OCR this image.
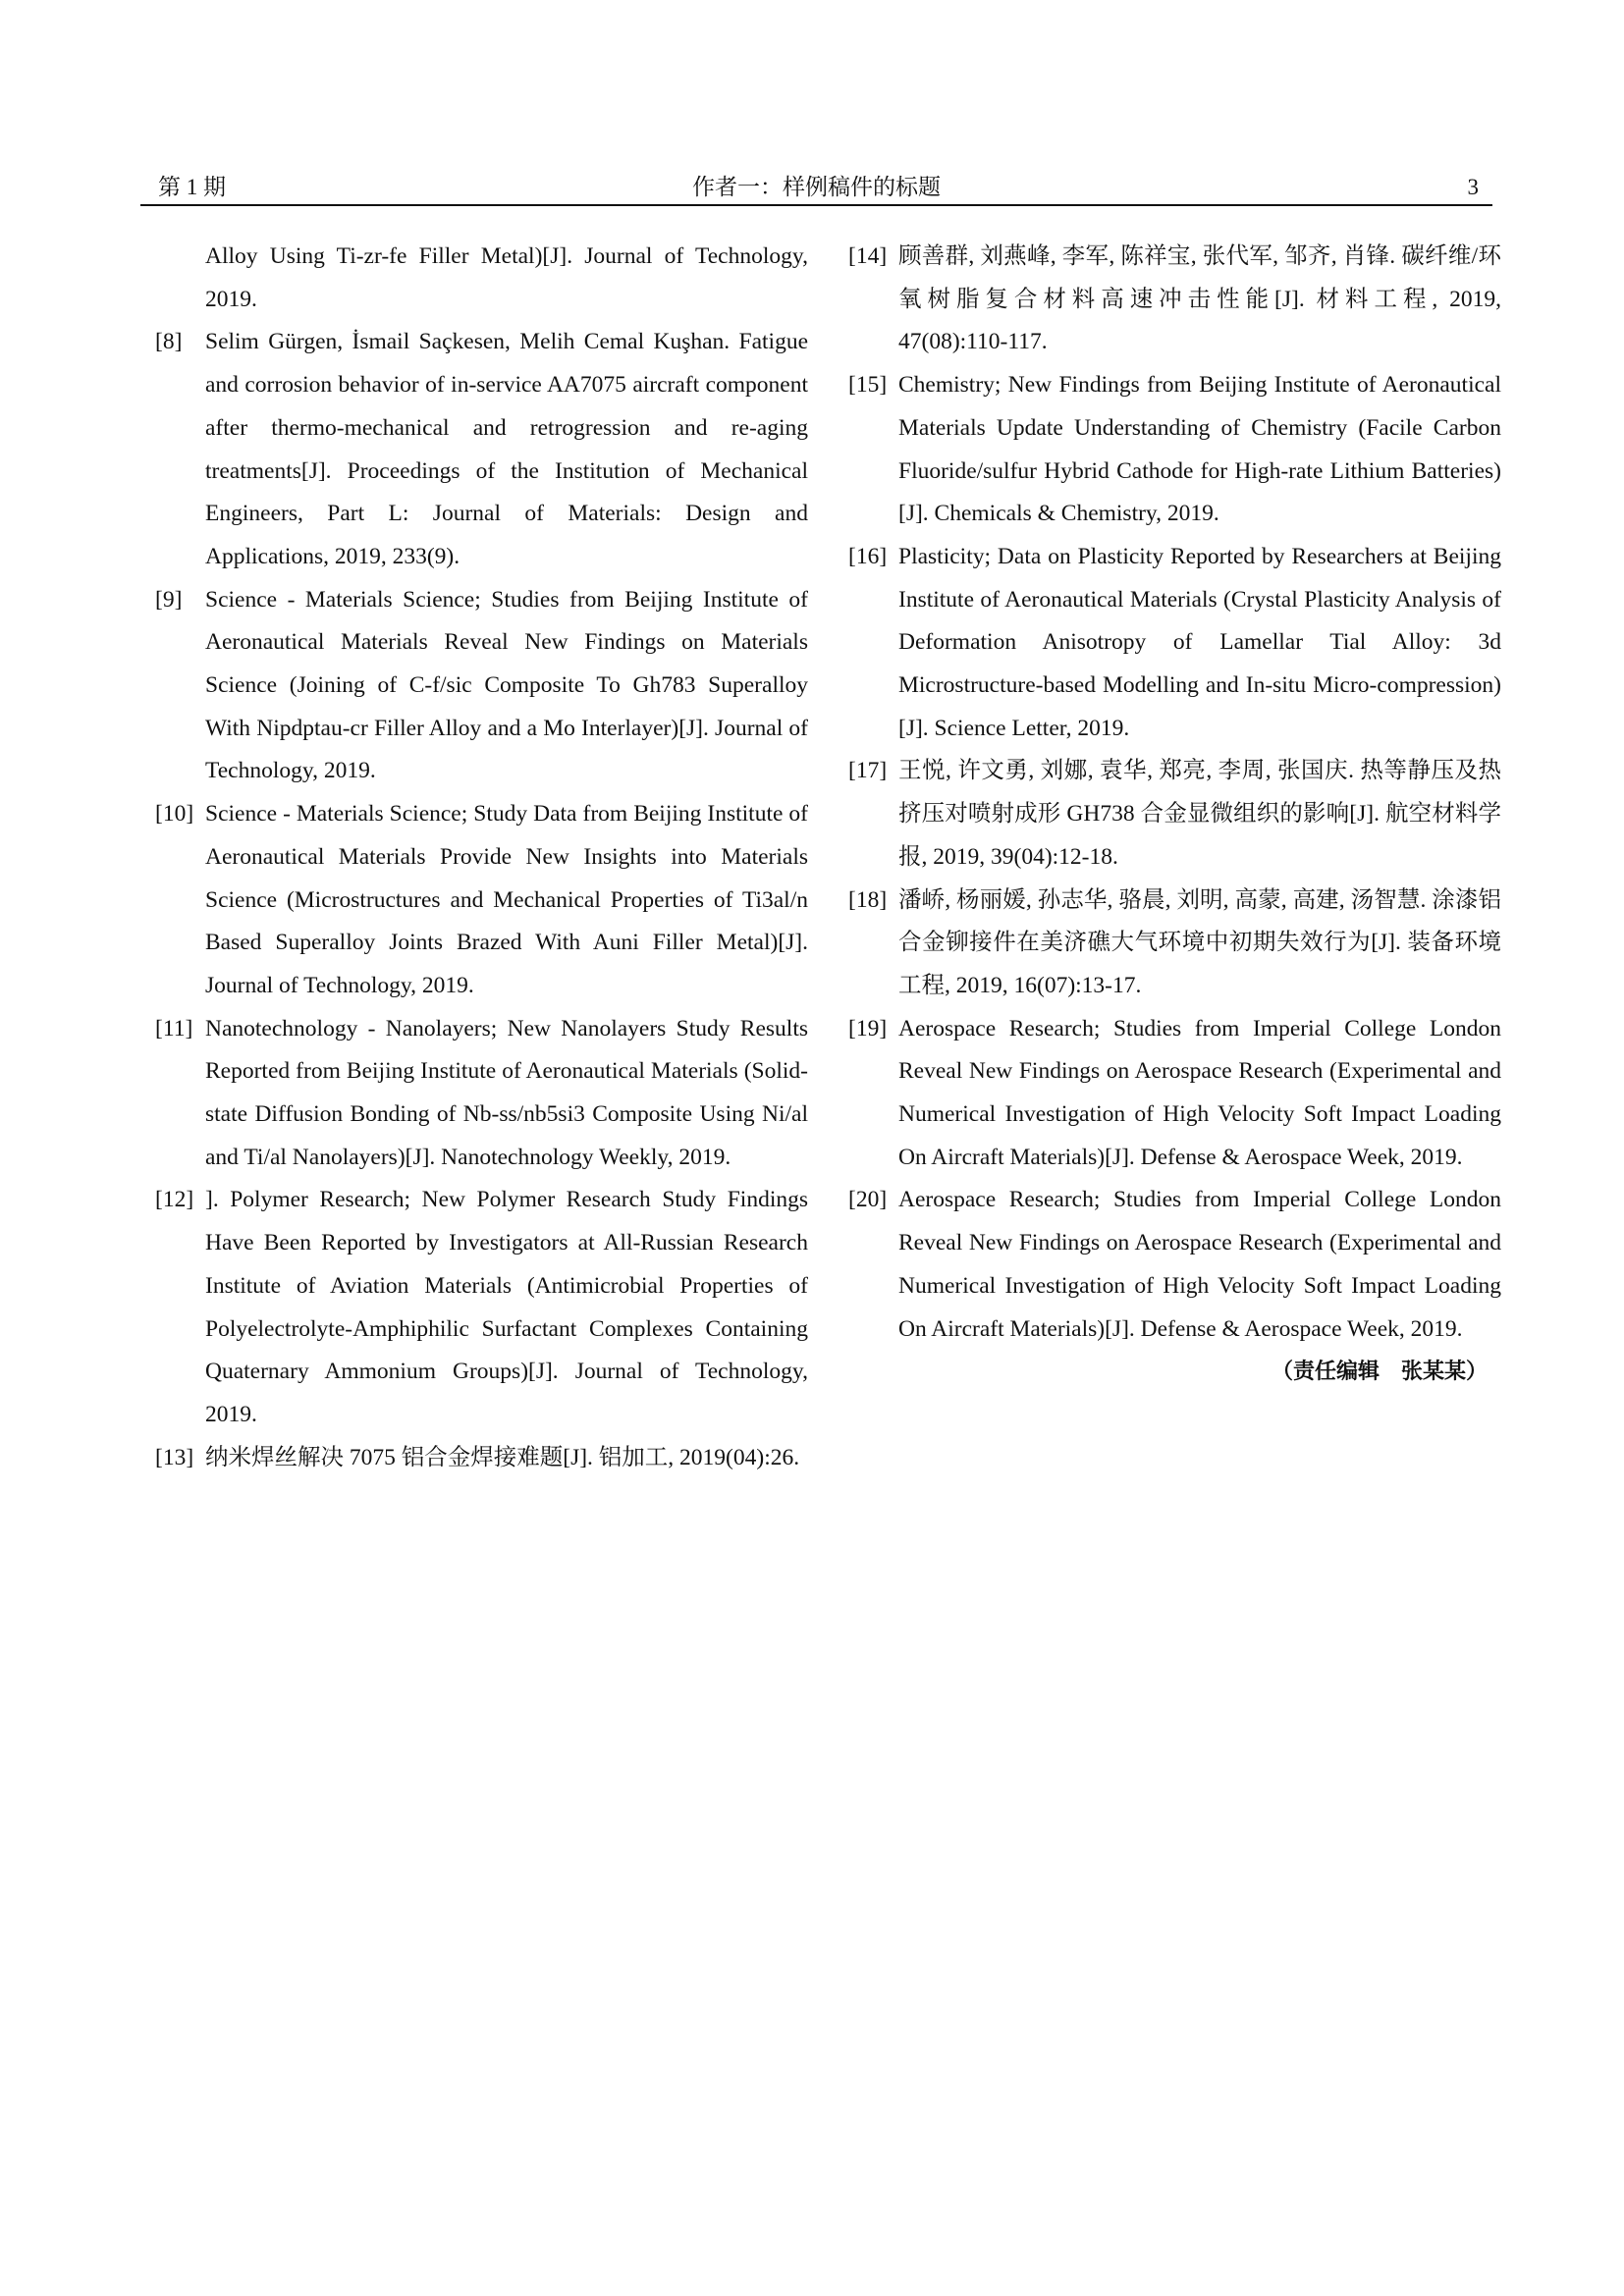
第 1 期	作者一：样例稿件的标题	3
Alloy Using Ti-zr-fe Filler Metal)[J]. Journal of Technology, 2019.
[8] Selim Gürgen, İsmail Saçkesen, Melih Cemal Kuşhan. Fatigue and corrosion behavior of in-service AA7075 aircraft component after thermo-mechanical and retrogression and re-aging treatments[J]. Proceedings of the Institution of Mechanical Engineers, Part L: Journal of Materials: Design and Applications, 2019, 233(9).
[9] Science - Materials Science; Studies from Beijing Institute of Aeronautical Materials Reveal New Findings on Materials Science (Joining of C-f/sic Composite To Gh783 Superalloy With Nipdptau-cr Filler Alloy and a Mo Interlayer)[J]. Journal of Technology, 2019.
[10] Science - Materials Science; Study Data from Beijing Institute of Aeronautical Materials Provide New Insights into Materials Science (Microstructures and Mechanical Properties of Ti3al/n Based Superalloy Joints Brazed With Auni Filler Metal)[J]. Journal of Technology, 2019.
[11] Nanotechnology - Nanolayers; New Nanolayers Study Results Reported from Beijing Institute of Aeronautical Materials (Solid-state Diffusion Bonding of Nb-ss/nb5si3 Composite Using Ni/al and Ti/al Nanolayers)[J]. Nanotechnology Weekly, 2019.
[12] ]. Polymer Research; New Polymer Research Study Findings Have Been Reported by Investigators at All-Russian Research Institute of Aviation Materials (Antimicrobial Properties of Polyelectrolyte-Amphiphilic Surfactant Complexes Containing Quaternary Ammonium Groups)[J]. Journal of Technology, 2019.
[13] 纳米焊丝解决 7075 铝合金焊接难题[J]. 铝加工, 2019(04):26.
[14] 顾善群, 刘燕峰, 李军, 陈祥宝, 张代军, 邹齐, 肖锋. 碳纤维/环氧树脂复合材料高速冲击性能[J]. 材料工程, 2019, 47(08):110-117.
[15] Chemistry; New Findings from Beijing Institute of Aeronautical Materials Update Understanding of Chemistry (Facile Carbon Fluoride/sulfur Hybrid Cathode for High-rate Lithium Batteries)[J]. Chemicals & Chemistry, 2019.
[16] Plasticity; Data on Plasticity Reported by Researchers at Beijing Institute of Aeronautical Materials (Crystal Plasticity Analysis of Deformation Anisotropy of Lamellar Tial Alloy: 3d Microstructure-based Modelling and In-situ Micro-compression)[J]. Science Letter, 2019.
[17] 王悦, 许文勇, 刘娜, 袁华, 郑亮, 李周, 张国庆. 热等静压及热挤压对喷射成形 GH738 合金显微组织的影响[J]. 航空材料学报, 2019, 39(04):12-18.
[18] 潘峤, 杨丽媛, 孙志华, 骆晨, 刘明, 高蒙, 高建, 汤智慧. 涂漆铝合金铆接件在美济礁大气环境中初期失效行为[J]. 装备环境工程, 2019, 16(07):13-17.
[19] Aerospace Research; Studies from Imperial College London Reveal New Findings on Aerospace Research (Experimental and Numerical Investigation of High Velocity Soft Impact Loading On Aircraft Materials)[J]. Defense & Aerospace Week, 2019.
[20] Aerospace Research; Studies from Imperial College London Reveal New Findings on Aerospace Research (Experimental and Numerical Investigation of High Velocity Soft Impact Loading On Aircraft Materials)[J]. Defense & Aerospace Week, 2019.
（责任编辑　张某某）
